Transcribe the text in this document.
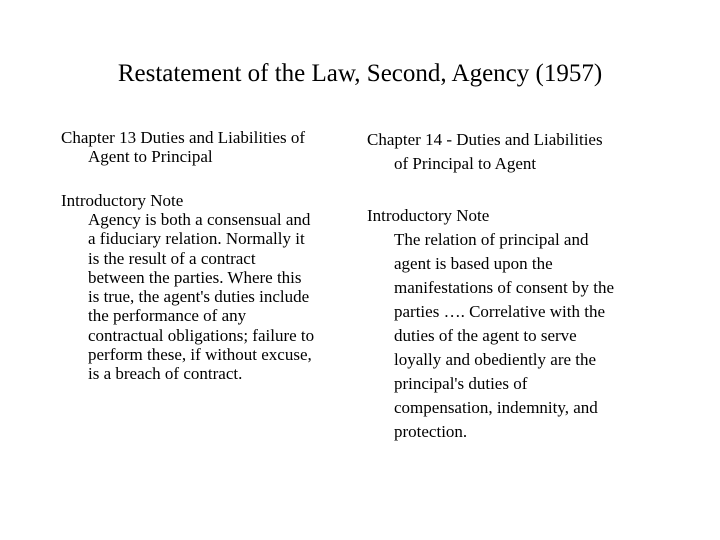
Restatement of the Law, Second, Agency (1957)
Chapter 13 Duties and Liabilities of
Agent to Principal
Introductory Note
Agency is both a consensual and
a fiduciary relation. Normally it
is the result of a contract
between the parties. Where this
is true, the agent's duties include
the performance of any
contractual obligations; failure to
perform these, if without excuse,
is a breach of contract.
Chapter 14 - Duties and Liabilities
of Principal to Agent
Introductory Note
The relation of principal and
agent is based upon the
manifestations of consent by the
parties …. Correlative with the
duties of the agent to serve
loyally and obediently are the
principal's duties of
compensation, indemnity, and
protection.
